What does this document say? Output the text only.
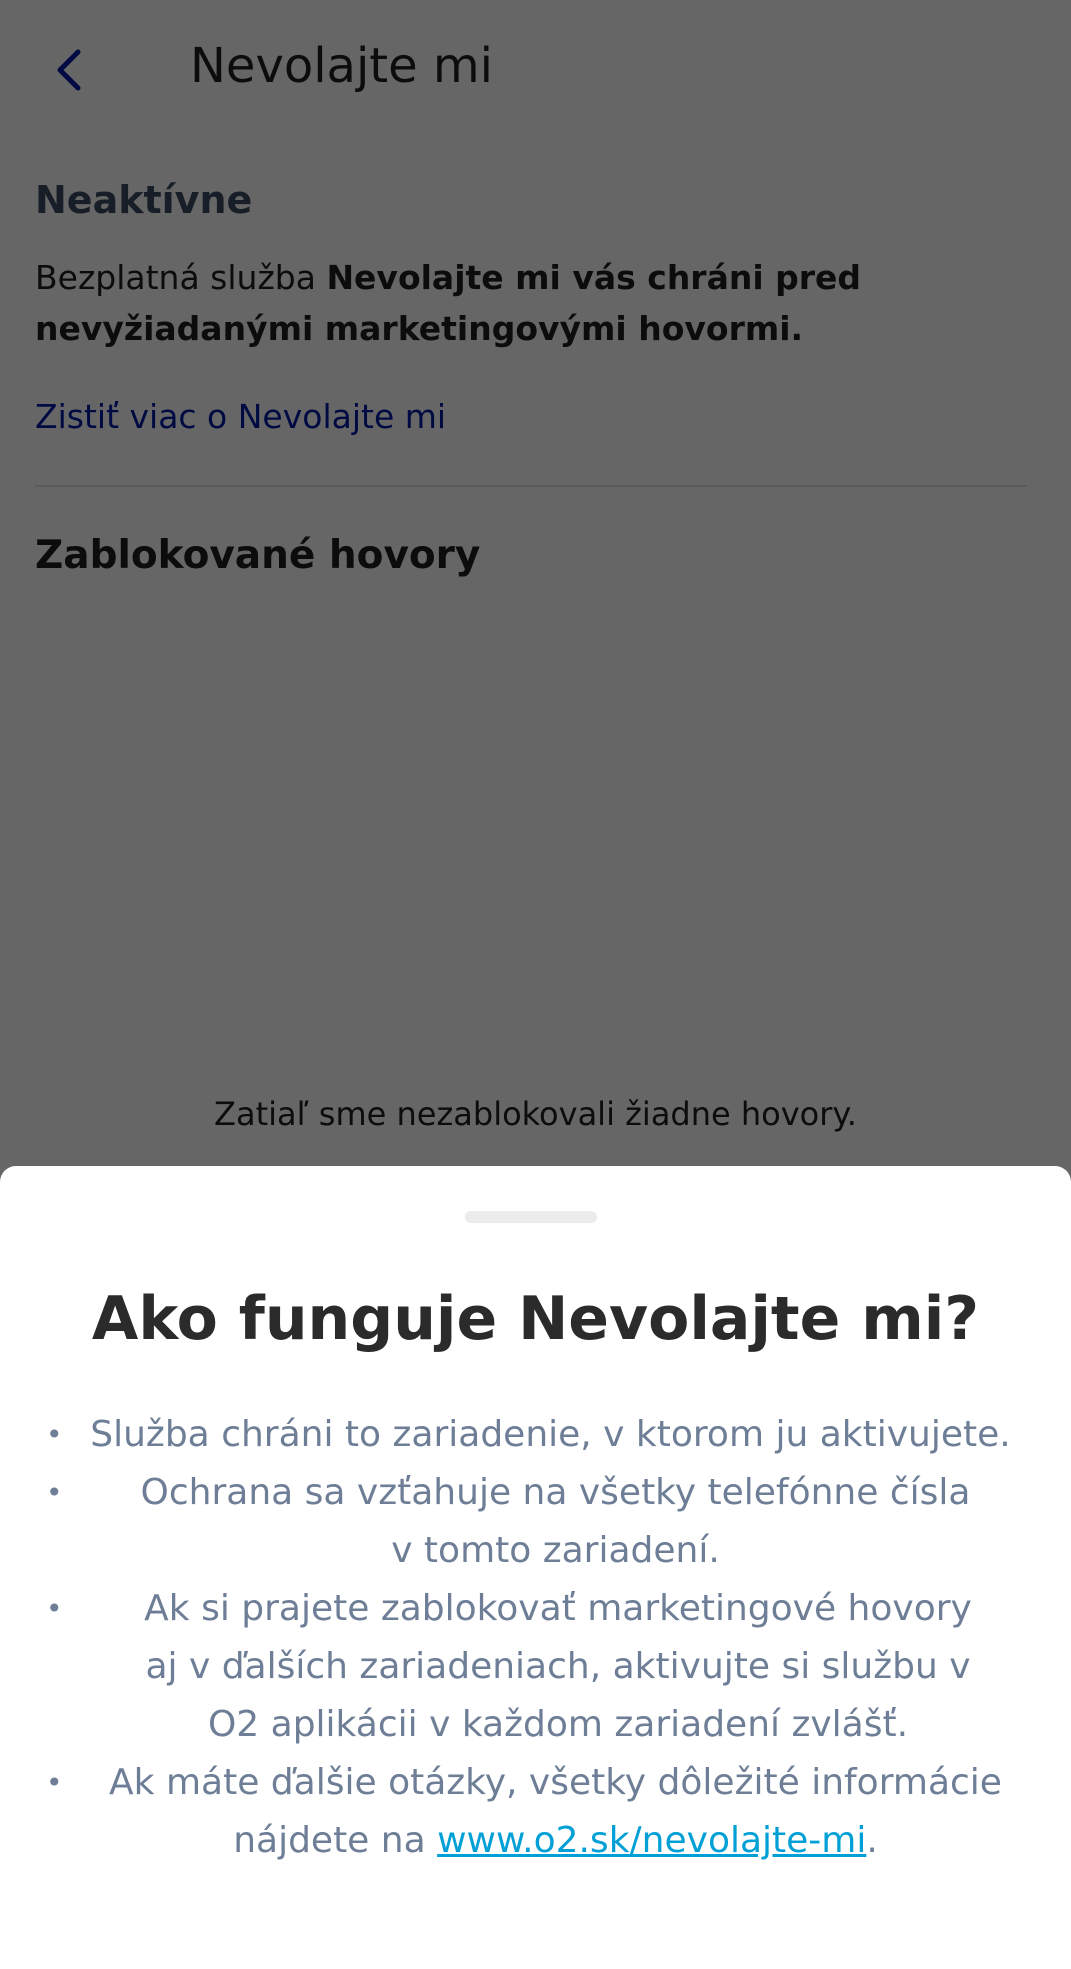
Ako funguje Nevolajte mi?
• Služba chráni to zariadenie, v ktorom ju aktivujete.
• Ochrana sa vzťahuje na všetky telefónne čísla v tomto zariadení.
• Ak si prajete zablokovať marketingové hovory aj v ďalších zariadeniach, aktivujte si službu v O2 aplikácii v každom zariadení zvlášť.
• Ak máte ďalšie otázky, všetky dôležité informácie nájdete na www.o2.sk/nevolajte-mi.
